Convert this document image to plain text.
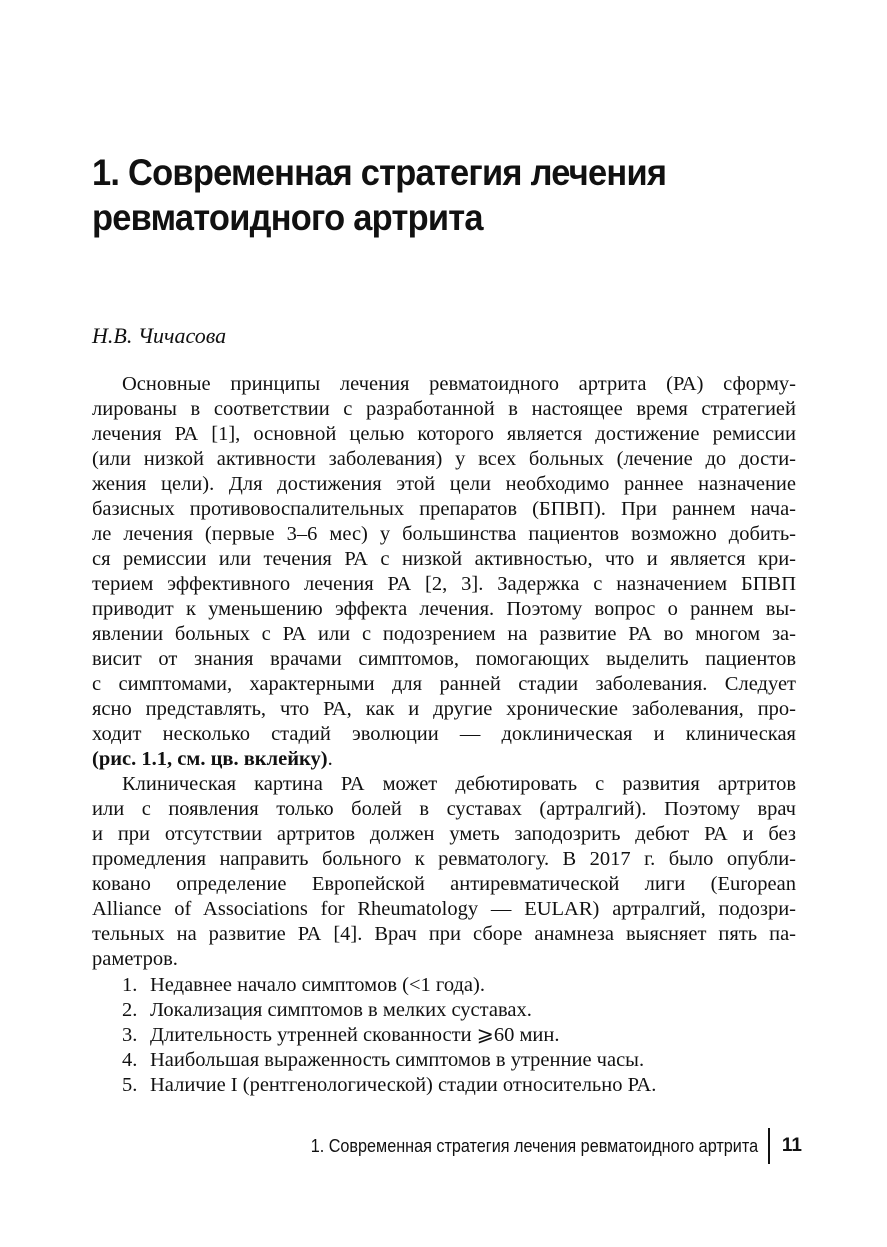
1. Современная стратегия лечения
ревматоидного артрита
Н.В. Чичасова
Основные принципы лечения ревматоидного артрита (РА) сформу-
лированы в соответствии с разработанной в настоящее время стратегией
лечения РА [1], основной целью которого является достижение ремиссии
(или низкой активности заболевания) у всех больных (лечение до дости-
жения цели). Для достижения этой цели необходимо раннее назначение
базисных противовоспалительных препаратов (БПВП). При раннем нача-
ле лечения (первые 3–6 мес) у большинства пациентов возможно добить-
ся ремиссии или течения РА с низкой активностью, что и является кри-
терием эффективного лечения РА [2, 3]. Задержка с назначением БПВП
приводит к уменьшению эффекта лечения. Поэтому вопрос о раннем вы-
явлении больных с РА или с подозрением на развитие РА во многом за-
висит от знания врачами симптомов, помогающих выделить пациентов
с симптомами, характерными для ранней стадии заболевания. Следует
ясно представлять, что РА, как и другие хронические заболевания, про-
ходит несколько стадий эволюции — доклиническая и клиническая
(рис. 1.1, см. цв. вклейку).
Клиническая картина РА может дебютировать с развития артритов
или с появления только болей в суставах (артралгий). Поэтому врач
и при отсутствии артритов должен уметь заподозрить дебют РА и без
промедления направить больного к ревматологу. В 2017 г. было опубли-
ковано определение Европейской антиревматической лиги (European
Alliance of Associations for Rheumatology — EULAR) артралгий, подозри-
тельных на развитие РА [4]. Врач при сборе анамнеза выясняет пять па-
раметров.
1. Недавнее начало симптомов (<1 года).
2. Локализация симптомов в мелких суставах.
3. Длительность утренней скованности ⩾60 мин.
4. Наибольшая выраженность симптомов в утренние часы.
5. Наличие I (рентгенологической) стадии относительно РА.
1. Современная стратегия лечения ревматоидного артрита 11
